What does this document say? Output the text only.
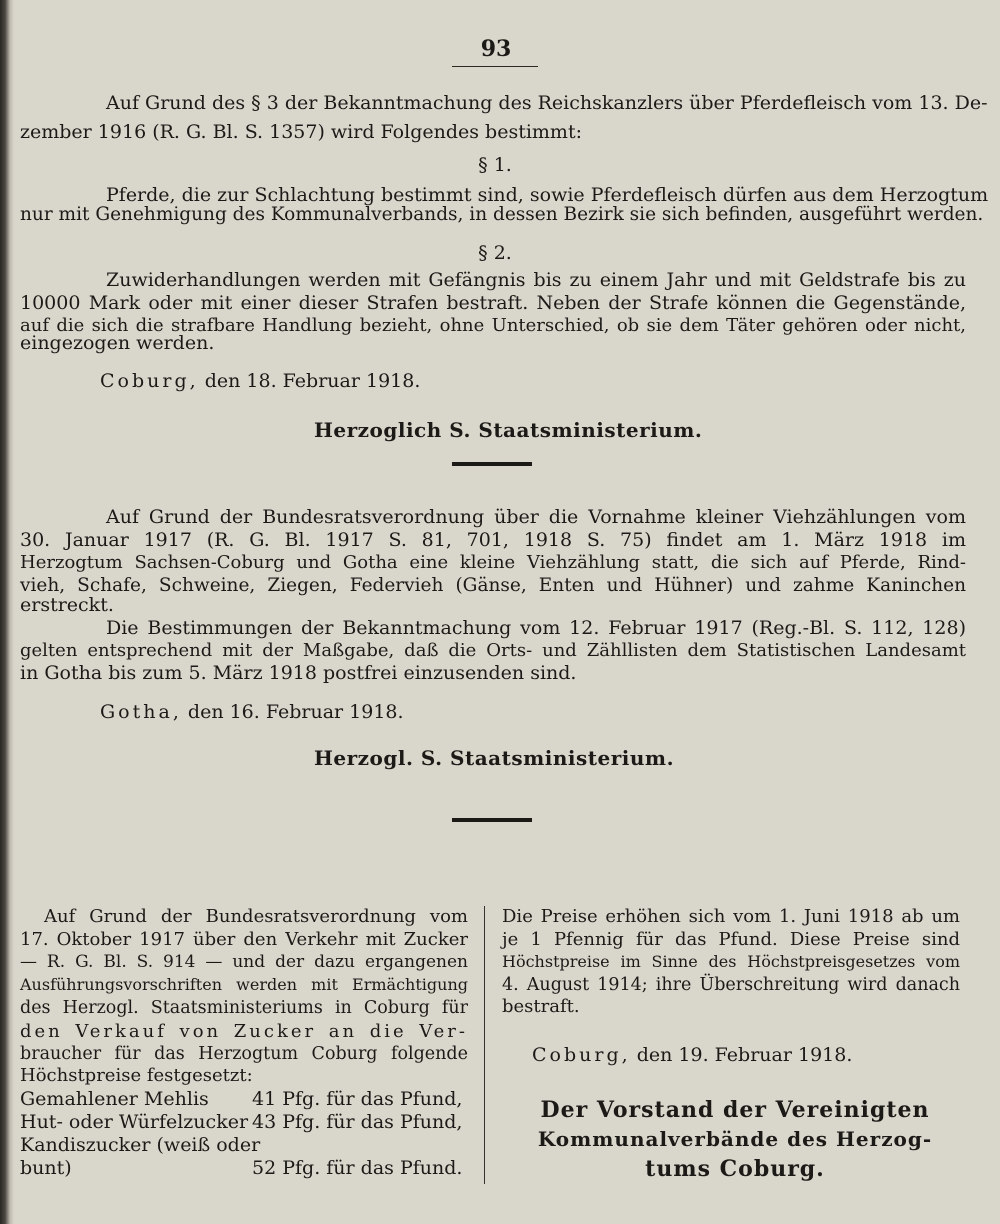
93
Auf Grund des § 3 der Bekanntmachung des Reichskanzlers über Pferdefleisch vom 13. De-
zember 1916 (R. G. Bl. S. 1357) wird Folgendes bestimmt:
§ 1.
Pferde, die zur Schlachtung bestimmt sind, sowie Pferdefleisch dürfen aus dem Herzogtum
nur mit Genehmigung des Kommunalverbands, in dessen Bezirk sie sich befinden, ausgeführt werden.
§ 2.
Zuwiderhandlungen werden mit Gefängnis bis zu einem Jahr und mit Geldstrafe bis zu
10000 Mark oder mit einer dieser Strafen bestraft. Neben der Strafe können die Gegenstände,
auf die sich die strafbare Handlung bezieht, ohne Unterschied, ob sie dem Täter gehören oder nicht,
eingezogen werden.
Coburg, den 18. Februar 1918.
Herzoglich S. Staatsministerium.
Auf Grund der Bundesratsverordnung über die Vornahme kleiner Viehzählungen vom
30. Januar 1917 (R. G. Bl. 1917 S. 81, 701, 1918 S. 75) findet am 1. März 1918 im
Herzogtum Sachsen-Coburg und Gotha eine kleine Viehzählung statt, die sich auf Pferde, Rind-
vieh, Schafe, Schweine, Ziegen, Federvieh (Gänse, Enten und Hühner) und zahme Kaninchen
erstreckt.
Die Bestimmungen der Bekanntmachung vom 12. Februar 1917 (Reg.-Bl. S. 112, 128)
gelten entsprechend mit der Maßgabe, daß die Orts- und Zähllisten dem Statistischen Landesamt
in Gotha bis zum 5. März 1918 postfrei einzusenden sind.
Gotha, den 16. Februar 1918.
Herzogl. S. Staatsministerium.
Auf Grund der Bundesratsverordnung vom
17. Oktober 1917 über den Verkehr mit Zucker
— R. G. Bl. S. 914 — und der dazu ergangenen
Ausführungsvorschriften werden mit Ermächtigung
des Herzogl. Staatsministeriums in Coburg für
den Verkauf von Zucker an die Ver-
braucher für das Herzogtum Coburg folgende
Höchstpreise festgesetzt:
Gemahlener Mehlis 41 Pfg. für das Pfund,
Hut- oder Würfelzucker 43 Pfg. für das Pfund,
Kandiszucker (weiß oder
bunt)	52 Pfg. für das Pfund.
Die Preise erhöhen sich vom 1. Juni 1918 ab um
je 1 Pfennig für das Pfund. Diese Preise sind
Höchstpreise im Sinne des Höchstpreisgesetzes vom
4. August 1914; ihre Überschreitung wird danach
bestraft.
Coburg, den 19. Februar 1918.
Der Vorstand der Vereinigten
Kommunalverbände des Herzog-
tums Coburg.
